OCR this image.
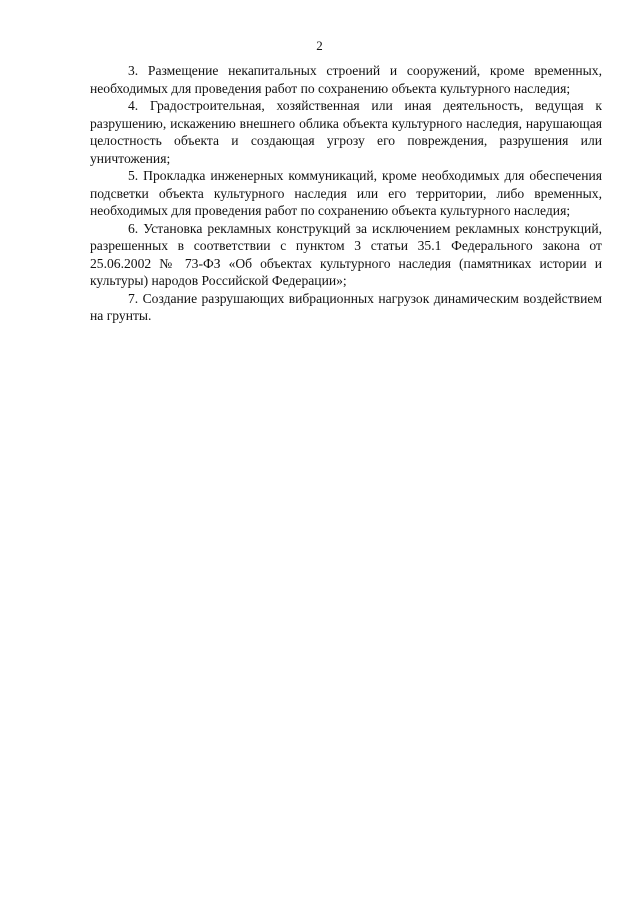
2

3. Размещение некапитальных строений и сооружений, кроме временных, необходимых для проведения работ по сохранению объекта культурного наследия;

4. Градостроительная, хозяйственная или иная деятельность, ведущая к разрушению, искажению внешнего облика объекта культурного наследия, нарушающая целостность объекта и создающая угрозу его повреждения, разрушения или уничтожения;

5. Прокладка инженерных коммуникаций, кроме необходимых для обеспечения подсветки объекта культурного наследия или его территории, либо временных, необходимых для проведения работ по сохранению объекта культурного наследия;

6. Установка рекламных конструкций за исключением рекламных конструкций, разрешенных в соответствии с пунктом 3 статьи 35.1 Федерального закона от 25.06.2002 № 73-ФЗ «Об объектах культурного наследия (памятниках истории и культуры) народов Российской Федерации»;

7. Создание разрушающих вибрационных нагрузок динамическим воздействием на грунты.
